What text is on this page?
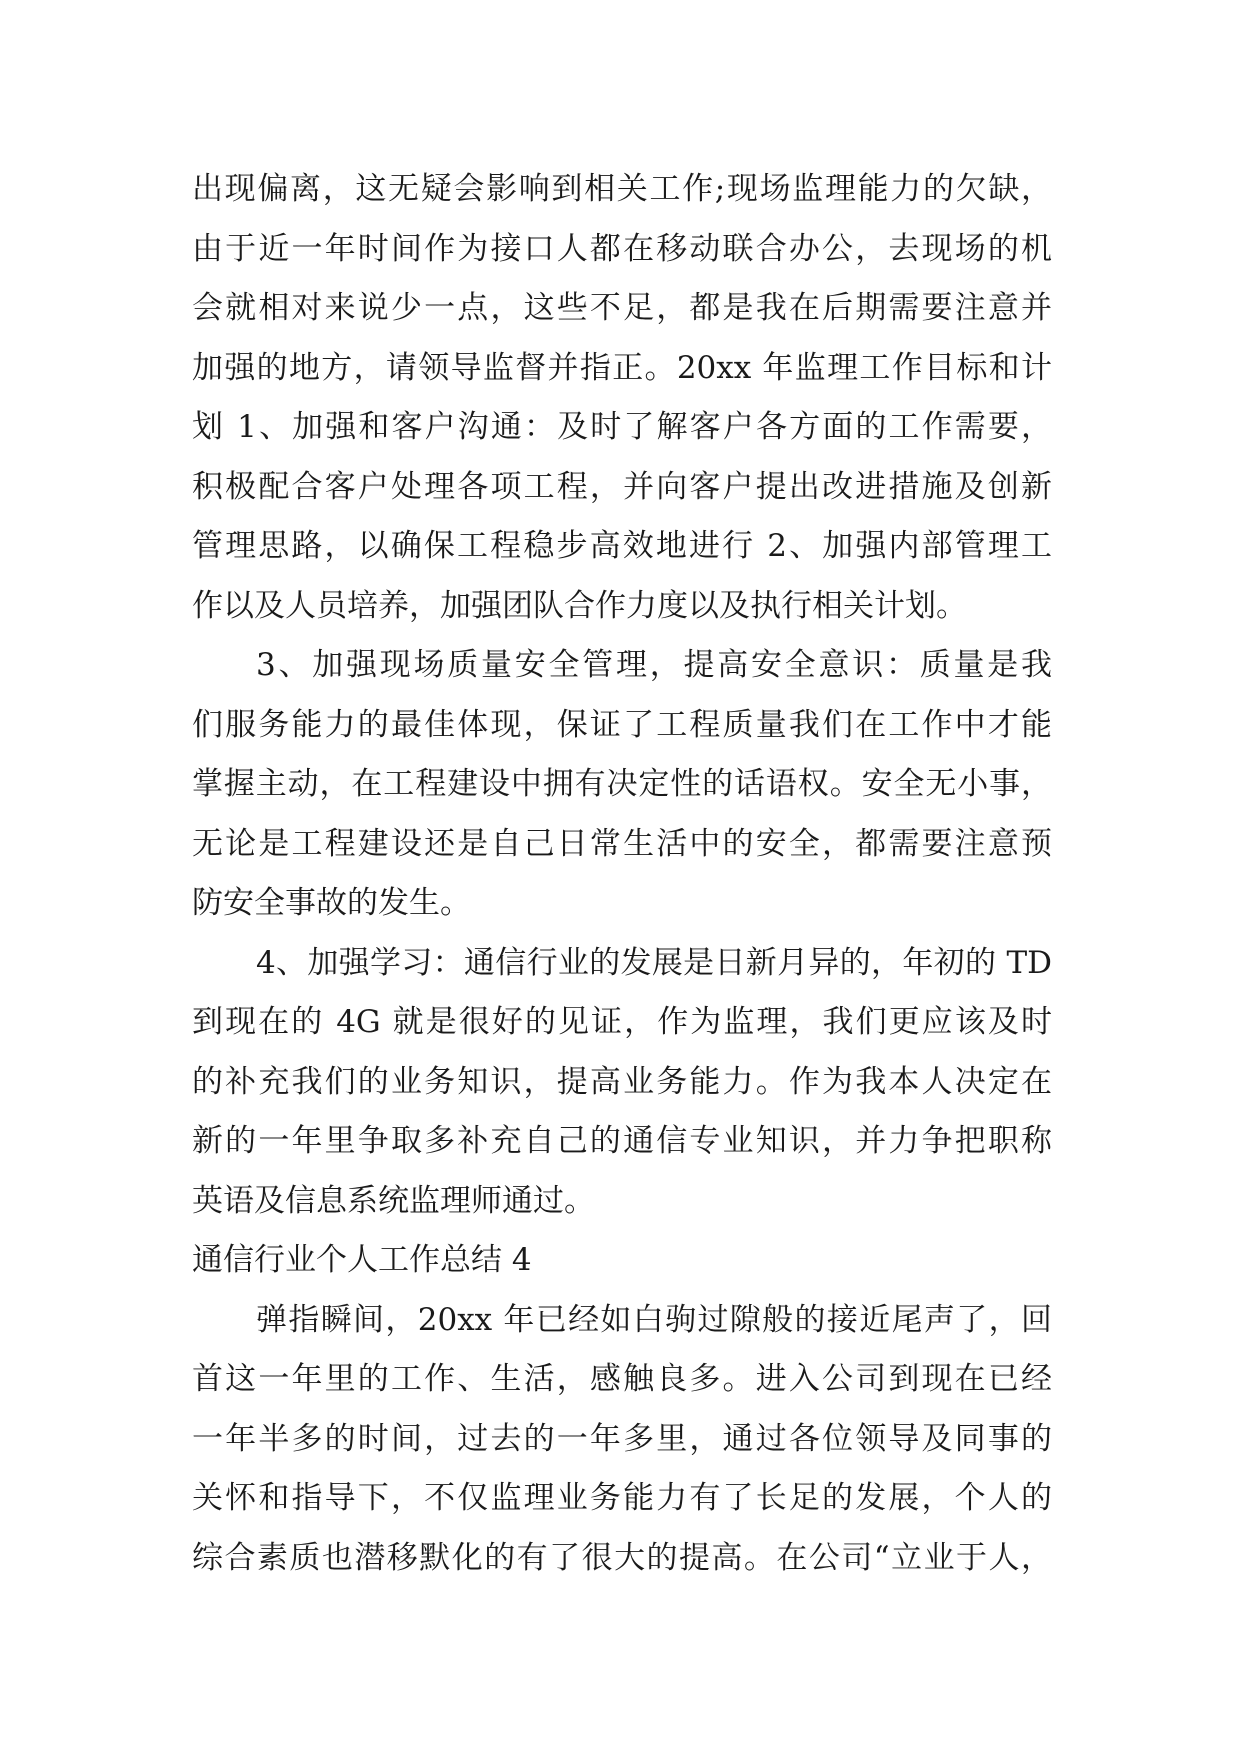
出现偏离，这无疑会影响到相关工作;现场监理能力的欠缺，
由于近一年时间作为接口人都在移动联合办公，去现场的机
会就相对来说少一点，这些不足，都是我在后期需要注意并
加强的地方，请领导监督并指正。20xx 年监理工作目标和计
划 1、加强和客户沟通：及时了解客户各方面的工作需要，
积极配合客户处理各项工程，并向客户提出改进措施及创新
管理思路，以确保工程稳步高效地进行 2、加强内部管理工
作以及人员培养，加强团队合作力度以及执行相关计划。
3、加强现场质量安全管理，提高安全意识：质量是我
们服务能力的最佳体现，保证了工程质量我们在工作中才能
掌握主动，在工程建设中拥有决定性的话语权。安全无小事，
无论是工程建设还是自己日常生活中的安全，都需要注意预
防安全事故的发生。
4、加强学习：通信行业的发展是日新月异的，年初的 TD
到现在的 4G 就是很好的见证，作为监理，我们更应该及时
的补充我们的业务知识，提高业务能力。作为我本人决定在
新的一年里争取多补充自己的通信专业知识，并力争把职称
英语及信息系统监理师通过。
通信行业个人工作总结 4
弹指瞬间，20xx 年已经如白驹过隙般的接近尾声了，回
首这一年里的工作、生活，感触良多。进入公司到现在已经
一年半多的时间，过去的一年多里，通过各位领导及同事的
关怀和指导下，不仅监理业务能力有了长足的发展，个人的
综合素质也潜移默化的有了很大的提高。在公司“立业于人，
